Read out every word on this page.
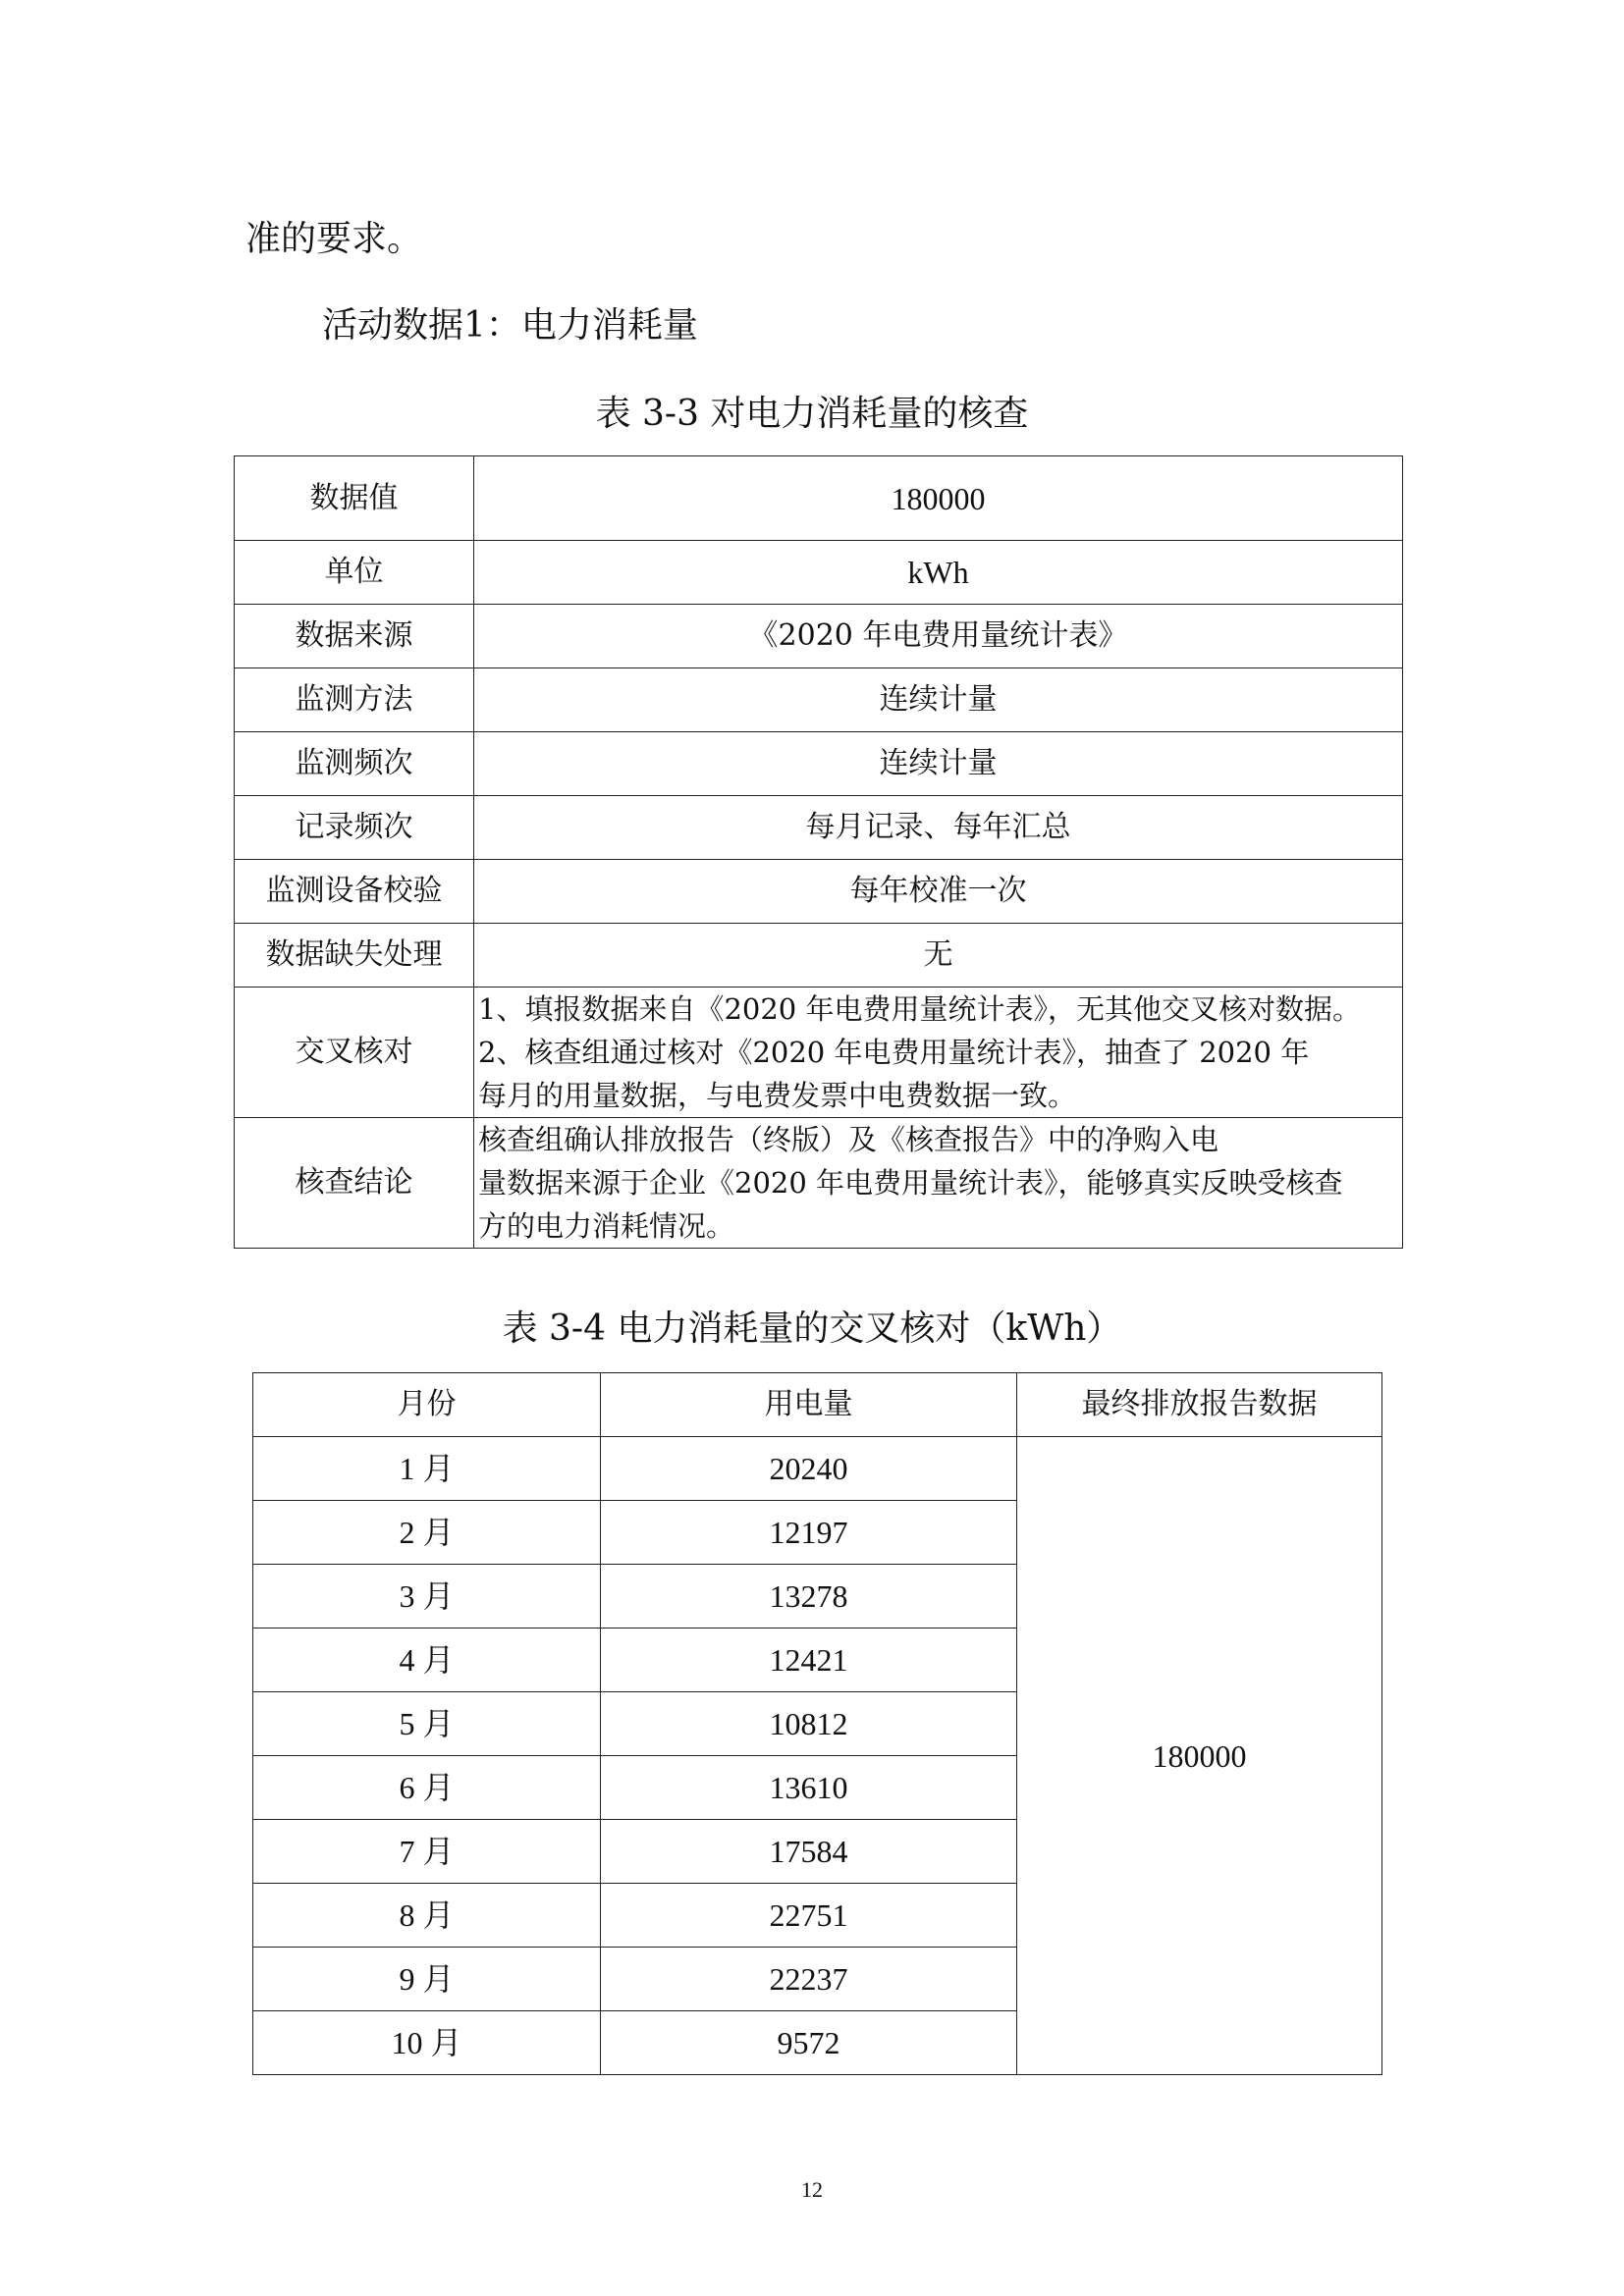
准的要求。
活动数据1：电力消耗量
表 3-3 对电力消耗量的核查
数据值	180000
单位	kWh
数据来源	《2020 年电费用量统计表》
监测方法	连续计量
监测频次	连续计量
记录频次	每月记录、每年汇总
监测设备校验	每年校准一次
数据缺失处理	无
交叉核对	1、填报数据来自《2020 年电费用量统计表》，无其他交叉核对数据。
2、核查组通过核对《2020 年电费用量统计表》，抽查了 2020 年
每月的用量数据，与电费发票中电费数据一致。

核查结论	核查组确认排放报告（终版）及《核查报告》中的净购入电
量数据来源于企业《2020 年电费用量统计表》，能够真实反映受核查
方的电力消耗情况。
表 3-4 电力消耗量的交叉核对（kWh）
月份	用电量	最终排放报告数据
1 月	20240	180000
2 月	12197	
3 月	13278	
4 月	12421	
5 月	10812	
6 月	13610	
7 月	17584	
8 月	22751	
9 月	22237	
10 月	9572	
12
